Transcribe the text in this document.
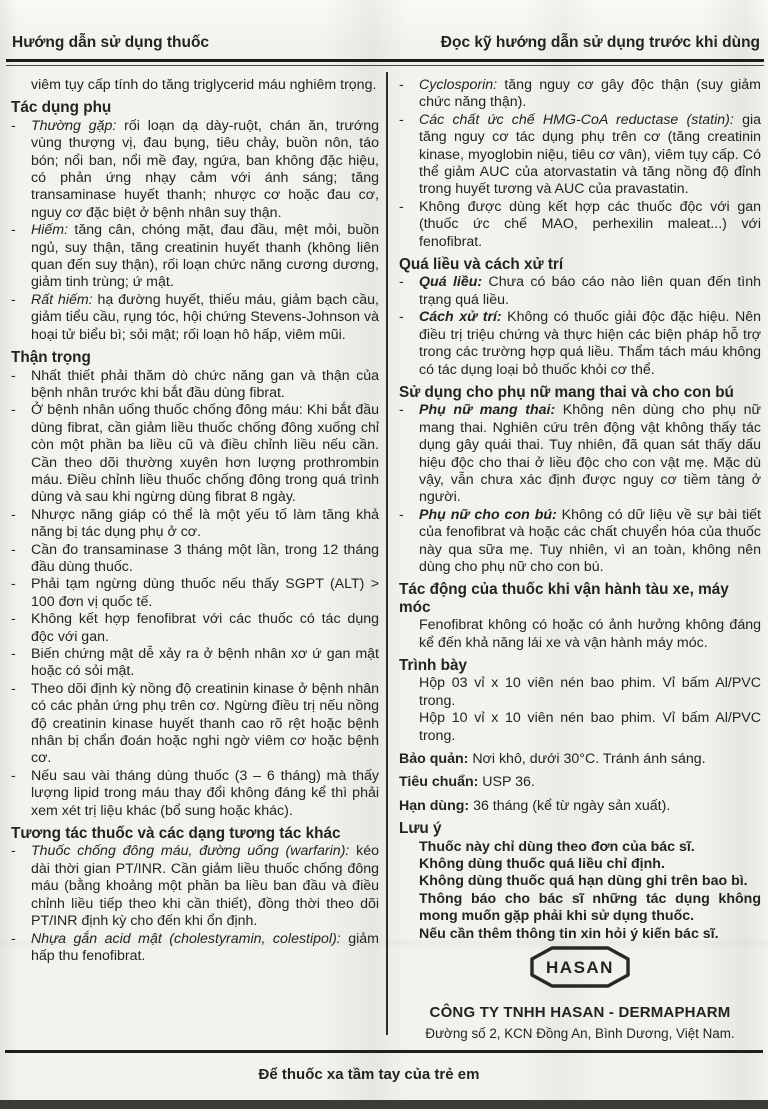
Hướng dẫn sử dụng thuốc	Đọc kỹ hướng dẫn sử dụng trước khi dùng
viêm tụy cấp tính do tăng triglycerid máu nghiêm trọng.
Tác dụng phụ
-	Thường gặp: rối loạn dạ dày-ruột, chán ăn, trướng vùng thượng vị, đau bụng, tiêu chảy, buồn nôn, táo bón; nổi ban, nổi mề đay, ngứa, ban không đặc hiệu, có phản ứng nhạy cảm với ánh sáng; tăng transaminase huyết thanh; nhược cơ hoặc đau cơ, nguy cơ đặc biệt ở bệnh nhân suy thận.
-	Hiếm: tăng cân, chóng mặt, đau đầu, mệt mỏi, buồn ngủ, suy thận, tăng creatinin huyết thanh (không liên quan đến suy thận), rối loạn chức năng cương dương, giảm tinh trùng; ứ mật.
-	Rất hiếm: hạ đường huyết, thiếu máu, giảm bạch cầu, giảm tiểu cầu, rụng tóc, hội chứng Stevens-Johnson và hoại tử biểu bì; sỏi mật; rối loạn hô hấp, viêm mũi.
Thận trọng
-	Nhất thiết phải thăm dò chức năng gan và thận của bệnh nhân trước khi bắt đầu dùng fibrat.
-	Ở bệnh nhân uống thuốc chống đông máu: Khi bắt đầu dùng fibrat, cần giảm liều thuốc chống đông xuống chỉ còn một phần ba liều cũ và điều chỉnh liều nếu cần. Cần theo dõi thường xuyên hơn lượng prothrombin máu. Điều chỉnh liều thuốc chống đông trong quá trình dùng và sau khi ngừng dùng fibrat 8 ngày.
-	Nhược năng giáp có thể là một yếu tố làm tăng khả năng bị tác dụng phụ ở cơ.
-	Cần đo transaminase 3 tháng một lần, trong 12 tháng đầu dùng thuốc.
-	Phải tạm ngừng dùng thuốc nếu thấy SGPT (ALT) > 100 đơn vị quốc tế.
-	Không kết hợp fenofibrat với các thuốc có tác dụng độc với gan.
-	Biến chứng mật dễ xảy ra ở bệnh nhân xơ ứ gan mật hoặc có sỏi mật.
-	Theo dõi định kỳ nồng độ creatinin kinase ở bệnh nhân có các phản ứng phụ trên cơ. Ngừng điều trị nếu nồng độ creatinin kinase huyết thanh cao rõ rệt hoặc bệnh nhân bị chẩn đoán hoặc nghi ngờ viêm cơ hoặc bệnh cơ.
-	Nếu sau vài tháng dùng thuốc (3 – 6 tháng) mà thấy lượng lipid trong máu thay đổi không đáng kể thì phải xem xét trị liệu khác (bổ sung hoặc khác).
Tương tác thuốc và các dạng tương tác khác
-	Thuốc chống đông máu, đường uống (warfarin): kéo dài thời gian PT/INR. Cần giảm liều thuốc chống đông máu (bằng khoảng một phần ba liều ban đầu và điều chỉnh liều tiếp theo khi cần thiết), đồng thời theo dõi PT/INR định kỳ cho đến khi ổn định.
-	Nhựa gắn acid mật (cholestyramin, colestipol): giảm hấp thu fenofibrat.
-	Cyclosporin: tăng nguy cơ gây độc thận (suy giảm chức năng thận).
-	Các chất ức chế HMG-CoA reductase (statin): gia tăng nguy cơ tác dụng phụ trên cơ (tăng creatinin kinase, myoglobin niệu, tiêu cơ vân), viêm tụy cấp. Có thể giảm AUC của atorvastatin và tăng nồng độ đỉnh trong huyết tương và AUC của pravastatin.
-	Không được dùng kết hợp các thuốc độc với gan (thuốc ức chế MAO, perhexilin maleat...) với fenofibrat.
Quá liều và cách xử trí
-	Quá liều: Chưa có báo cáo nào liên quan đến tình trạng quá liều.
-	Cách xử trí: Không có thuốc giải độc đặc hiệu. Nên điều trị triệu chứng và thực hiện các biện pháp hỗ trợ trong các trường hợp quá liều. Thẩm tách máu không có tác dụng loại bỏ thuốc khỏi cơ thể.
Sử dụng cho phụ nữ mang thai và cho con bú
-	Phụ nữ mang thai: Không nên dùng cho phụ nữ mang thai. Nghiên cứu trên động vật không thấy tác dụng gây quái thai. Tuy nhiên, đã quan sát thấy dấu hiệu độc cho thai ở liều độc cho con vật mẹ. Mặc dù vậy, vẫn chưa xác định được nguy cơ tiềm tàng ở người.
-	Phụ nữ cho con bú: Không có dữ liệu về sự bài tiết của fenofibrat và hoặc các chất chuyển hóa của thuốc này qua sữa mẹ. Tuy nhiên, vì an toàn, không nên dùng cho phụ nữ cho con bú.
Tác động của thuốc khi vận hành tàu xe, máy móc
Fenofibrat không có hoặc có ảnh hưởng không đáng kể đến khả năng lái xe và vận hành máy móc.
Trình bày
Hộp 03 vỉ x 10 viên nén bao phim. Vỉ bấm Al/PVC trong.
Hộp 10 vỉ x 10 viên nén bao phim. Vỉ bấm Al/PVC trong.
Bảo quản: Nơi khô, dưới 30°C. Tránh ánh sáng.
Tiêu chuẩn: USP 36.
Hạn dùng: 36 tháng (kể từ ngày sản xuất).
Lưu ý
Thuốc này chỉ dùng theo đơn của bác sĩ.
Không dùng thuốc quá liều chỉ định.
Không dùng thuốc quá hạn dùng ghi trên bao bì.
Thông báo cho bác sĩ những tác dụng không mong muốn gặp phải khi sử dụng thuốc.
Nếu cần thêm thông tin xin hỏi ý kiến bác sĩ.
HASAN
CÔNG TY TNHH HASAN - DERMAPHARM
Đường số 2, KCN Đồng An, Bình Dương, Việt Nam.
Để thuốc xa tầm tay của trẻ em
